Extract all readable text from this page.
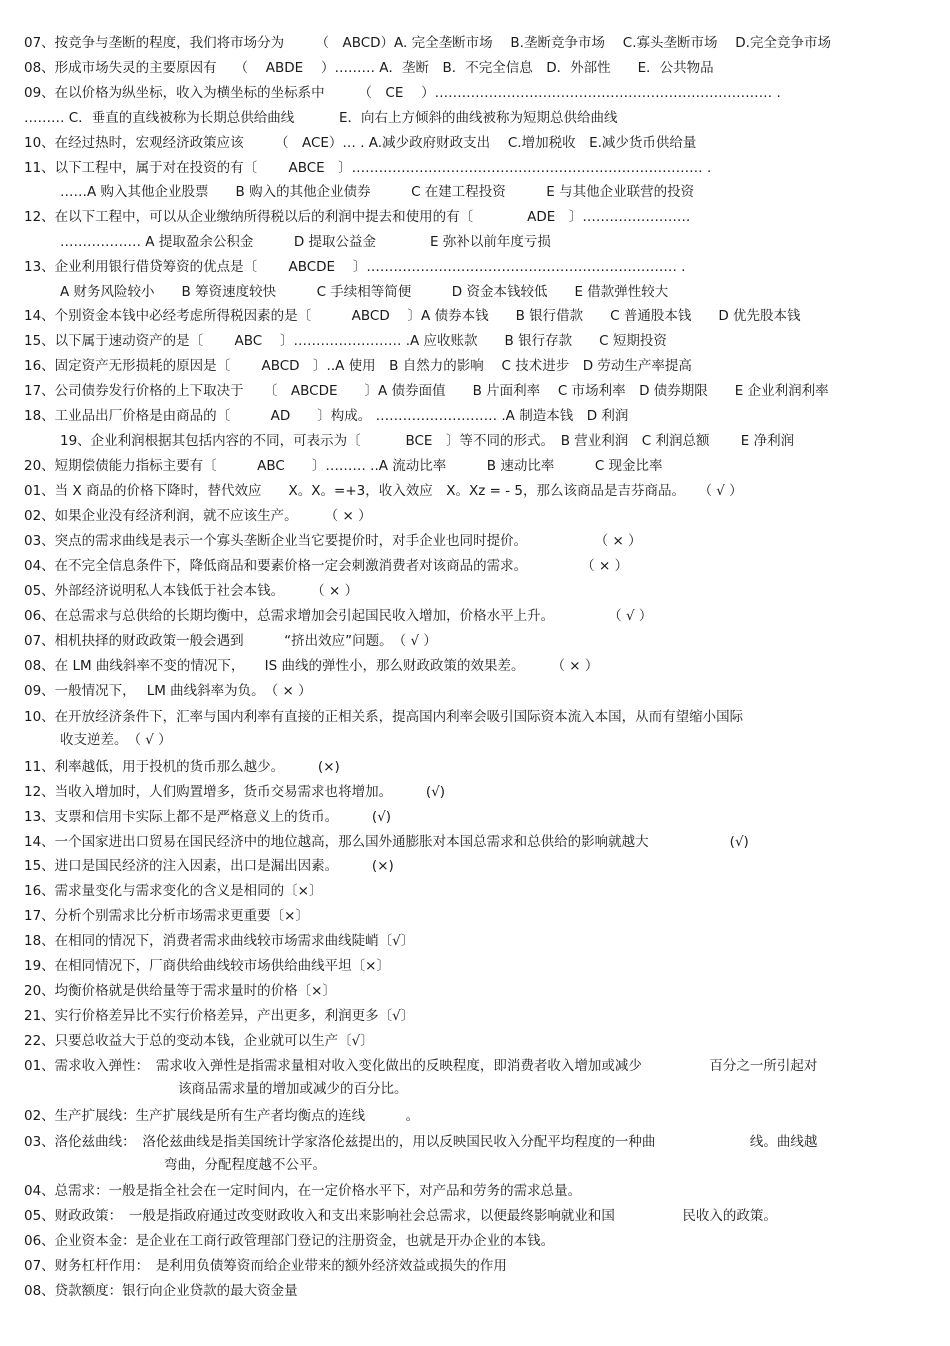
07、按竞争与垄断的程度，我们将市场分为　　 （　ABCD）A. 完全垄断市场　 B.垄断竞争市场　 C.寡头垄断市场　 D.完全竞争市场
08、形成市场失灵的主要原因有　 （　 ABDE　 ）……… A．垄断　B．不完全信息　D．外部性　　E．公共物品
09、在以价格为纵坐标，收入为横坐标的坐标系中　　　（　CE　 ）………………………………………………………………… .
……… C．垂直的直线被称为长期总供给曲线　　　 E．向右上方倾斜的曲线被称为短期总供给曲线
10、在经过热时，宏观经济政策应该　　 （　ACE）… . A.减少政府财政支出　 C.增加税收　E.减少货币供给量
11、以下工程中，属于对在投资的有〔　　 ABCE　〕…………………………………………………………………… .
……A 购入其他企业股票　　B 购入的其他企业债券　　　C 在建工程投资　　　E 与其他企业联营的投资
12、在以下工程中，可以从企业缴纳所得税以后的利润中提去和使用的有〔　　　　ADE　〕……………………
……………… A 提取盈余公积金　　　D 提取公益金　　　　E 弥补以前年度亏损
13、企业利用银行借贷筹资的优点是〔　　 ABCDE　 〕…………………………………………………………… .
A 财务风险较小　　B 筹资速度较快　　　C 手续相等简便　　　D 资金本钱较低　　E 借款弹性较大
14、个别资金本钱中必经考虑所得税因素的是〔　　　ABCD　 〕A 债券本钱　　B 银行借款　　C 普通股本钱　　D 优先股本钱
15、以下属于速动资产的是〔　　 ABC　 〕…………………… .A 应收账款　　B 银行存款　　C 短期投资
16、固定资产无形损耗的原因是〔　　 ABCD　〕..A 使用　B 自然力的影响　 C 技术进步　D 劳动生产率提高
17、公司债券发行价格的上下取决于　　〔　ABCDE　　〕A 债券面值　　B 片面利率　 C 市场利率　D 债券期限　　E 企业利润利率
18、工业品出厂价格是由商品的〔　　　AD　　〕构成。 ……………………… .A 制造本钱　D 利润
19、企业利润根据其包括内容的不同，可表示为〔　　　 BCE　〕等不同的形式。　B 营业利润　C 利润总额　　 E 净利润
20、短期偿债能力指标主要有〔　　　ABC　　〕……… ..A 流动比率　　　B 速动比率　　　C 现金比率
01、当 X 商品的价格下降时，替代效应　　X。X。=+3，收入效应　X。Xz = - 5，那么该商品是吉芬商品。　　（ √ ）
02、如果企业没有经济利润，就不应该生产。　　　（ × ）
03、突点的需求曲线是表示一个寡头垄断企业当它要提价时，对手企业也同时提价。　　　　　　（ × ）
04、在不完全信息条件下，降低商品和要素价格一定会刺激消费者对该商品的需求。　　　　　（ × ）
05、外部经济说明私人本钱低于社会本钱。　　　（ × ）
06、在总需求与总供给的长期均衡中，总需求增加会引起国民收入增加，价格水平上升。　　　　　（ √ ）
07、相机抉择的财政政策一般会遇到　　　“挤出效应”问题。　（ √ ）
08、在 LM 曲线斜率不变的情况下，　　IS 曲线的弹性小，那么财政政策的效果差。　　　（ × ）
09、一般情况下，　 LM 曲线斜率为负。　（ × ）
10、在开放经济条件下，汇率与国内利率有直接的正相关系，提高国内利率会吸引国际资本流入本国，从而有望缩小国际
收支逆差。　（ √ ）
11、利率越低，用于投机的货币那么越少。　　　(×)
12、当收入增加时，人们购置增多，货币交易需求也将增加。　　　(√)
13、支票和信用卡实际上都不是严格意义上的货币。　　　(√)
14、一个国家进出口贸易在国民经济中的地位越高，那么国外通膨胀对本国总需求和总供给的影响就越大　　　　　　(√)
15、进口是国民经济的注入因素，出口是漏出因素。　　　(×)
16、需求量变化与需求变化的含义是相同的〔×〕
17、分析个别需求比分析市场需求更重要〔×〕
18、在相同的情况下，消费者需求曲线较市场需求曲线陡峭〔√〕
19、在相同情况下，厂商供给曲线较市场供给曲线平坦〔×〕
20、均衡价格就是供给量等于需求量时的价格〔×〕
21、实行价格差异比不实行价格差异，产出更多，利润更多〔√〕
22、只要总收益大于总的变动本钱，企业就可以生产〔√〕
01、需求收入弹性：　需求收入弹性是指需求量相对收入变化做出的反映程度，即消费者收入增加或减少　　　　　百分之一所引起对
该商品需求量的增加或减少的百分比。
02、生产扩展线：生产扩展线是所有生产者均衡点的连线　　　。
03、洛伦兹曲线：　洛伦兹曲线是指美国统计学家洛伦兹提出的，用以反映国民收入分配平均程度的一种曲　　　　　　　线。曲线越
弯曲，分配程度越不公平。
04、总需求：一般是指全社会在一定时间内，在一定价格水平下，对产品和劳务的需求总量。
05、财政政策：　一般是指政府通过改变财政收入和支出来影响社会总需求，以便最终影响就业和国　　　　　民收入的政策。
06、企业资本金：是企业在工商行政管理部门登记的注册资金，也就是开办企业的本钱。
07、财务杠杆作用：　是利用负债筹资而给企业带来的额外经济效益或损失的作用
08、贷款额度：银行向企业贷款的最大资金量
